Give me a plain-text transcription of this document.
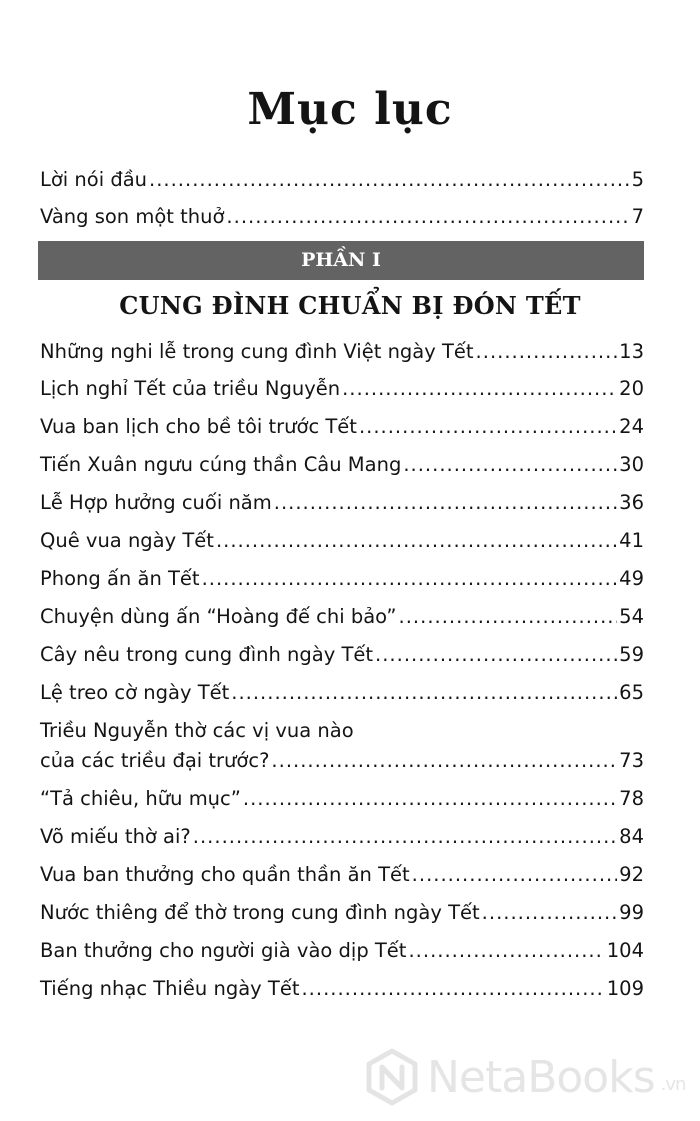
Mục lục
Lời nói đầu .....	5
Vàng son một thuở .....	7
PHẦN I
CUNG ĐÌNH CHUẨN BỊ ĐÓN TẾT
Những nghi lễ trong cung đình Việt ngày Tết .....	13
Lịch nghỉ Tết của triều Nguyễn .....	20
Vua ban lịch cho bề tôi trước Tết .....	24
Tiến Xuân ngưu cúng thần Câu Mang .....	30
Lễ Hợp hưởng cuối năm .....	36
Quê vua ngày Tết .....	41
Phong ấn ăn Tết .....	49
Chuyện dùng ấn “Hoàng đế chi bảo” .....	54
Cây nêu trong cung đình ngày Tết .....	59
Lệ treo cờ ngày Tết .....	65
Triều Nguyễn thờ các vị vua nào
của các triều đại trước? .....	73
“Tả chiêu, hữu mục” .....	78
Võ miếu thờ ai? .....	84
Vua ban thưởng cho quần thần ăn Tết .....	92
Nước thiêng để thờ trong cung đình ngày Tết .....	99
Ban thưởng cho người già vào dịp Tết .....	104
Tiếng nhạc Thiều ngày Tết .....	109
NetaBooks .vn
